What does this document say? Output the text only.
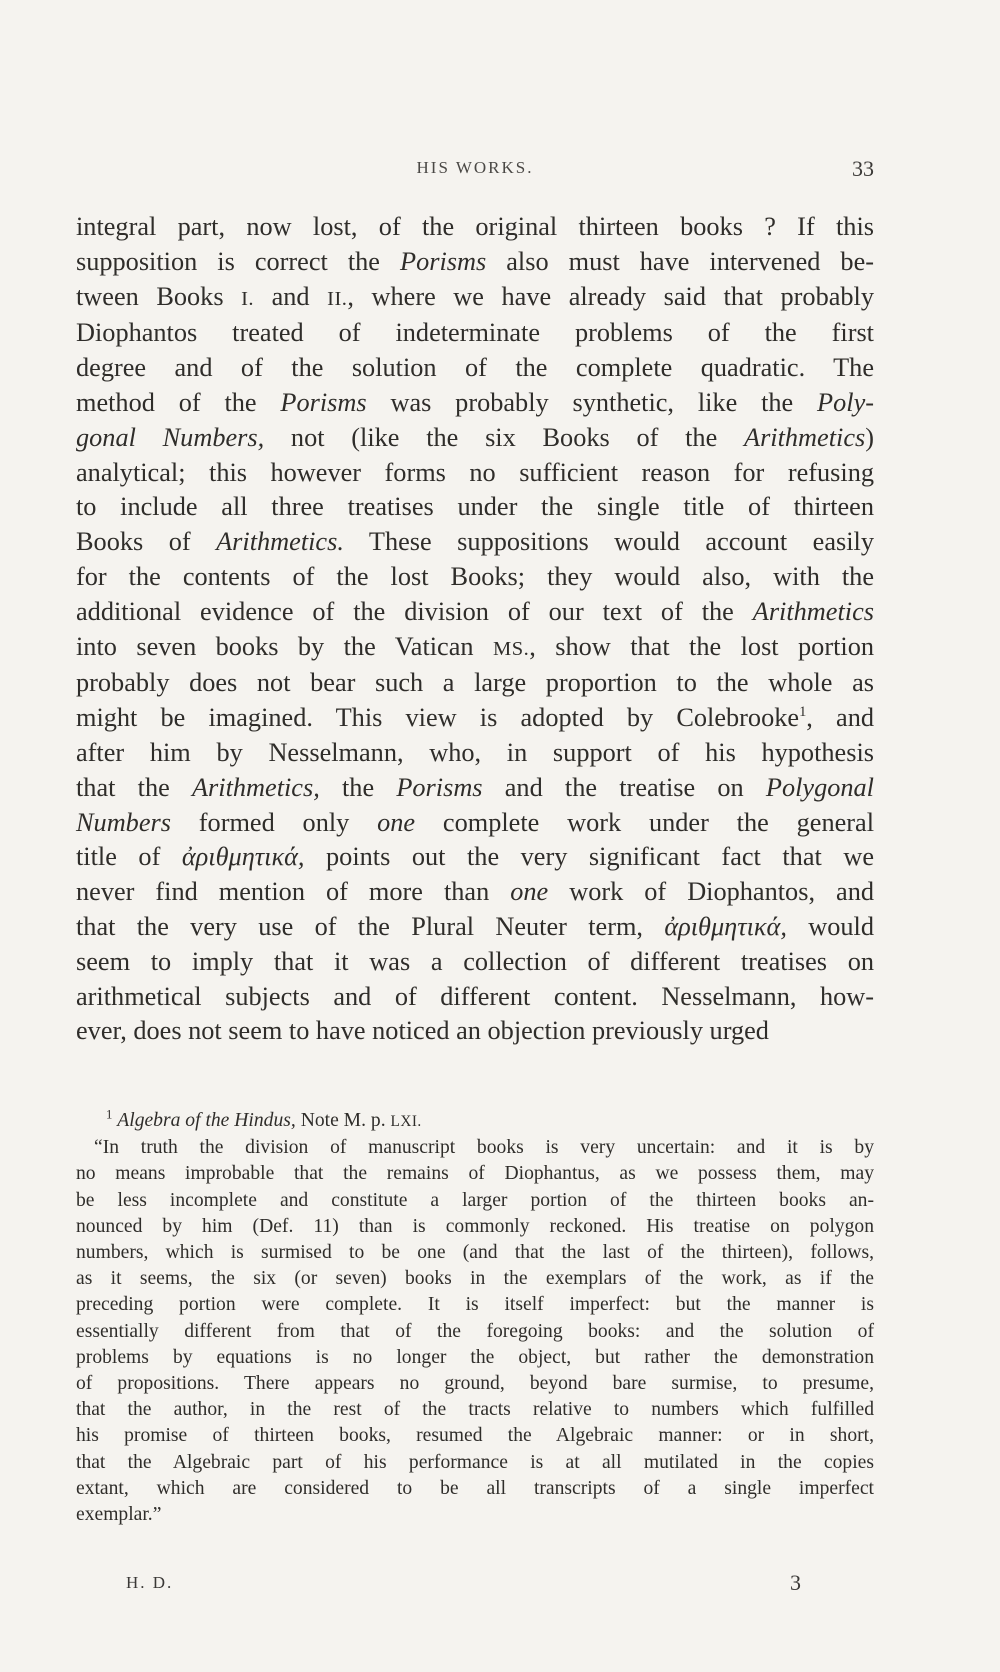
HIS WORKS.	33
integral part, now lost, of the original thirteen books ? If this
supposition is correct the Porisms also must have intervened be-
tween Books I. and II., where we have already said that probably
Diophantos treated of indeterminate problems of the first
degree and of the solution of the complete quadratic. The
method of the Porisms was probably synthetic, like the Poly-
gonal Numbers, not (like the six Books of the Arithmetics)
analytical; this however forms no sufficient reason for refusing
to include all three treatises under the single title of thirteen
Books of Arithmetics. These suppositions would account easily
for the contents of the lost Books; they would also, with the
additional evidence of the division of our text of the Arithmetics
into seven books by the Vatican MS., show that the lost portion
probably does not bear such a large proportion to the whole as
might be imagined. This view is adopted by Colebrooke$^1$, and
after him by Nesselmann, who, in support of his hypothesis
that the Arithmetics, the Porisms and the treatise on Polygonal
Numbers formed only one complete work under the general
title of ἀριθμητικά, points out the very significant fact that we
never find mention of more than one work of Diophantos, and
that the very use of the Plural Neuter term, ἀριθμητικά, would
seem to imply that it was a collection of different treatises on
arithmetical subjects and of different content. Nesselmann, how-
ever, does not seem to have noticed an objection previously urged
$^1$ Algebra of the Hindus, Note M. p. LXI.
“In truth the division of manuscript books is very uncertain: and it is by
no means improbable that the remains of Diophantus, as we possess them, may
be less incomplete and constitute a larger portion of the thirteen books an-
nounced by him (Def. 11) than is commonly reckoned. His treatise on polygon
numbers, which is surmised to be one (and that the last of the thirteen), follows,
as it seems, the six (or seven) books in the exemplars of the work, as if the
preceding portion were complete. It is itself imperfect: but the manner is
essentially different from that of the foregoing books: and the solution of
problems by equations is no longer the object, but rather the demonstration
of propositions. There appears no ground, beyond bare surmise, to presume,
that the author, in the rest of the tracts relative to numbers which fulfilled
his promise of thirteen books, resumed the Algebraic manner: or in short,
that the Algebraic part of his performance is at all mutilated in the copies
extant, which are considered to be all transcripts of a single imperfect
exemplar.”
H. D.	3
